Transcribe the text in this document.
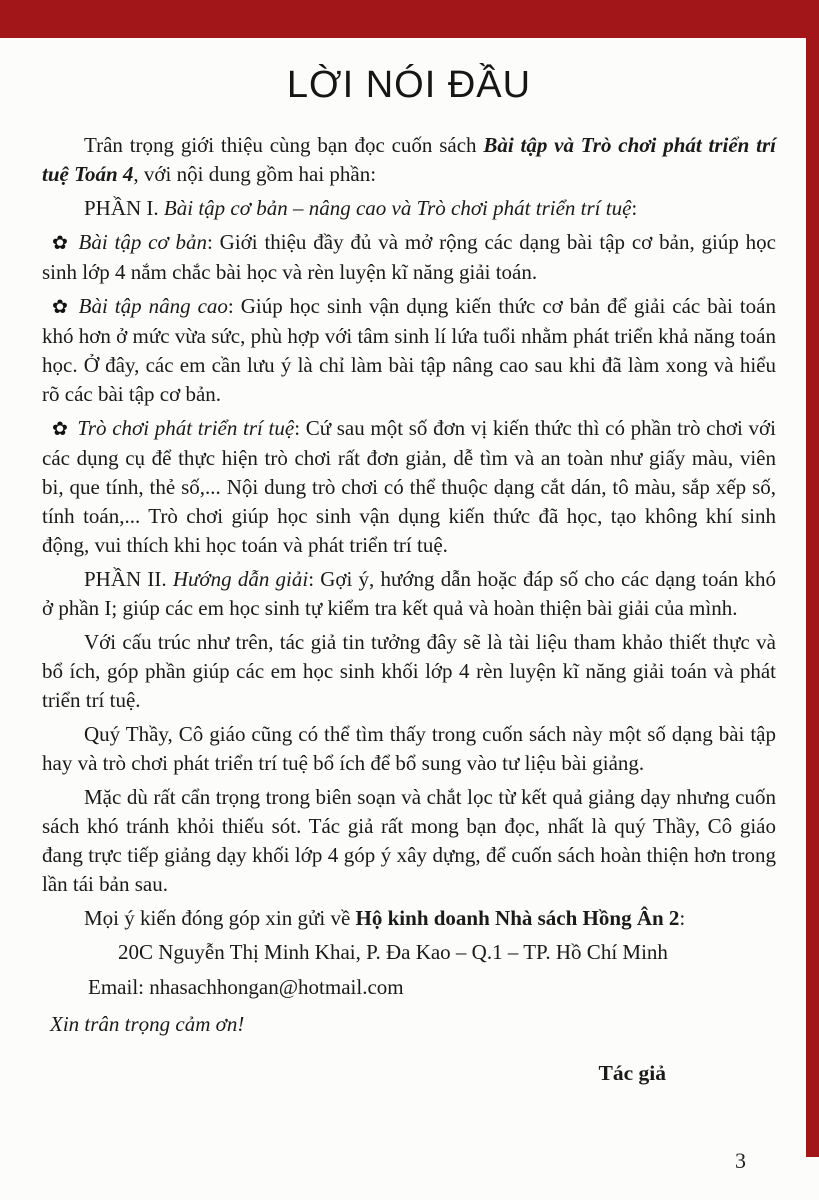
LỜI NÓI ĐẦU

Trân trọng giới thiệu cùng bạn đọc cuốn sách Bài tập và Trò chơi phát triển trí tuệ Toán 4, với nội dung gồm hai phần:

PHẦN I. Bài tập cơ bản – nâng cao và Trò chơi phát triển trí tuệ:

✿ Bài tập cơ bản: Giới thiệu đầy đủ và mở rộng các dạng bài tập cơ bản, giúp học sinh lớp 4 nắm chắc bài học và rèn luyện kĩ năng giải toán.

✿ Bài tập nâng cao: Giúp học sinh vận dụng kiến thức cơ bản để giải các bài toán khó hơn ở mức vừa sức, phù hợp với tâm sinh lí lứa tuổi nhằm phát triển khả năng toán học. Ở đây, các em cần lưu ý là chỉ làm bài tập nâng cao sau khi đã làm xong và hiểu rõ các bài tập cơ bản.

✿ Trò chơi phát triển trí tuệ: Cứ sau một số đơn vị kiến thức thì có phần trò chơi với các dụng cụ để thực hiện trò chơi rất đơn giản, dễ tìm và an toàn như giấy màu, viên bi, que tính, thẻ số,... Nội dung trò chơi có thể thuộc dạng cắt dán, tô màu, sắp xếp số, tính toán,... Trò chơi giúp học sinh vận dụng kiến thức đã học, tạo không khí sinh động, vui thích khi học toán và phát triển trí tuệ.

PHẦN II. Hướng dẫn giải: Gợi ý, hướng dẫn hoặc đáp số cho các dạng toán khó ở phần I; giúp các em học sinh tự kiểm tra kết quả và hoàn thiện bài giải của mình.

Với cấu trúc như trên, tác giả tin tưởng đây sẽ là tài liệu tham khảo thiết thực và bổ ích, góp phần giúp các em học sinh khối lớp 4 rèn luyện kĩ năng giải toán và phát triển trí tuệ.

Quý Thầy, Cô giáo cũng có thể tìm thấy trong cuốn sách này một số dạng bài tập hay và trò chơi phát triển trí tuệ bổ ích để bổ sung vào tư liệu bài giảng.

Mặc dù rất cẩn trọng trong biên soạn và chắt lọc từ kết quả giảng dạy nhưng cuốn sách khó tránh khỏi thiếu sót. Tác giả rất mong bạn đọc, nhất là quý Thầy, Cô giáo đang trực tiếp giảng dạy khối lớp 4 góp ý xây dựng, để cuốn sách hoàn thiện hơn trong lần tái bản sau.

Mọi ý kiến đóng góp xin gửi về Hộ kinh doanh Nhà sách Hồng Ân 2:

20C Nguyễn Thị Minh Khai, P. Đa Kao – Q.1 – TP. Hồ Chí Minh

Email: nhasachhongan@hotmail.com

Xin trân trọng cảm ơn!

Tác giả
3
